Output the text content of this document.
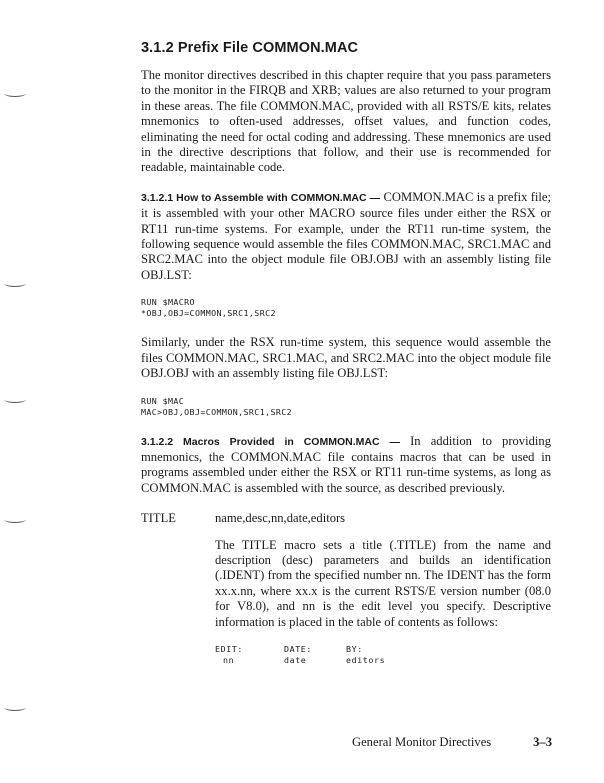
3.1.2 Prefix File COMMON.MAC

The monitor directives described in this chapter require that you pass parameters to the monitor in the FIRQB and XRB; values are also returned to your program in these areas. The file COMMON.MAC, provided with all RSTS/E kits, relates mnemonics to often-used addresses, offset values, and function codes, eliminating the need for octal coding and addressing. These mnemonics are used in the directive descriptions that follow, and their use is recommended for readable, maintainable code.

3.1.2.1 How to Assemble with COMMON.MAC — COMMON.MAC is a prefix file; it is assembled with your other MACRO source files under either the RSX or RT11 run-time systems. For example, under the RT11 run-time system, the following sequence would assemble the files COMMON.MAC, SRC1.MAC and SRC2.MAC into the object module file OBJ.OBJ with an assembly listing file OBJ.LST:

RUN $MACRO
*OBJ,OBJ=COMMON,SRC1,SRC2

Similarly, under the RSX run-time system, this sequence would assemble the files COMMON.MAC, SRC1.MAC, and SRC2.MAC into the object module file OBJ.OBJ with an assembly listing file OBJ.LST:

RUN $MAC
MAC>OBJ,OBJ=COMMON,SRC1,SRC2

3.1.2.2 Macros Provided in COMMON.MAC — In addition to providing mnemonics, the COMMON.MAC file contains macros that can be used in programs assembled under either the RSX or RT11 run-time systems, as long as COMMON.MAC is assembled with the source, as described previously.

TITLE	name,desc,nn,date,editors

The TITLE macro sets a title (.TITLE) from the name and description (desc) parameters and builds an identification (.IDENT) from the specified number nn. The IDENT has the form xx.x.nn, where xx.x is the current RSTS/E version number (08.0 for V8.0), and nn is the edit level you specify. Descriptive information is placed in the table of contents as follows:

EDIT:	DATE:	BY:
nn	date	editors
General Monitor Directives	3–3
